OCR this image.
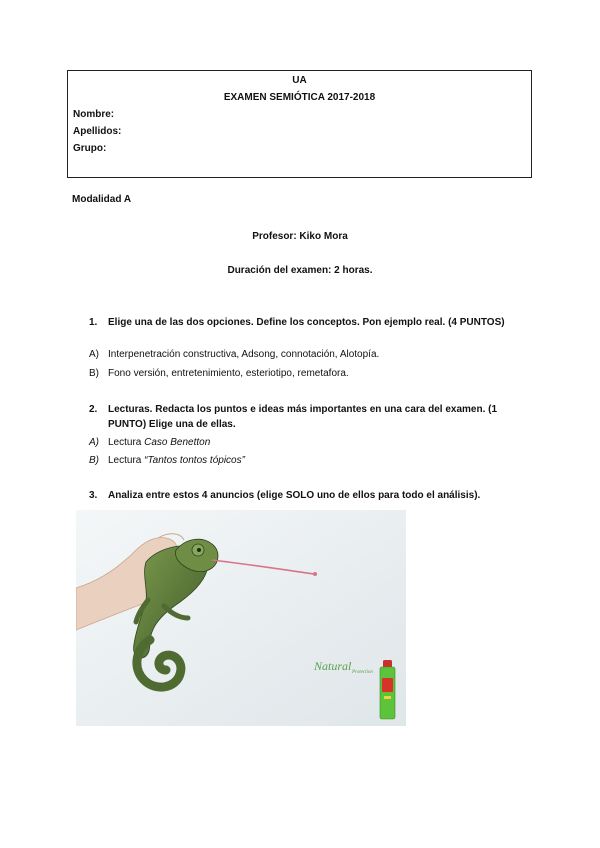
UA
EXAMEN SEMIÓTICA 2017-2018
Nombre:
Apellidos:
Grupo:
Modalidad A
Profesor: Kiko Mora
Duración del examen: 2 horas.
1. Elige una de las dos opciones. Define los conceptos. Pon ejemplo real. (4 PUNTOS)
A) Interpenetración constructiva, Adsong, connotación, Alotopía.
B) Fono versión, entretenimiento, esteriotipo, remetafora.
2. Lecturas. Redacta los puntos e ideas más importantes en una cara del examen. (1
PUNTO) Elige una de ellas.
A) Lectura Caso Benetton
B) Lectura “Tantos tontos tópicos”
3. Analiza entre estos 4 anuncios (elige SOLO uno de ellos para todo el análisis).
Natural Protection
